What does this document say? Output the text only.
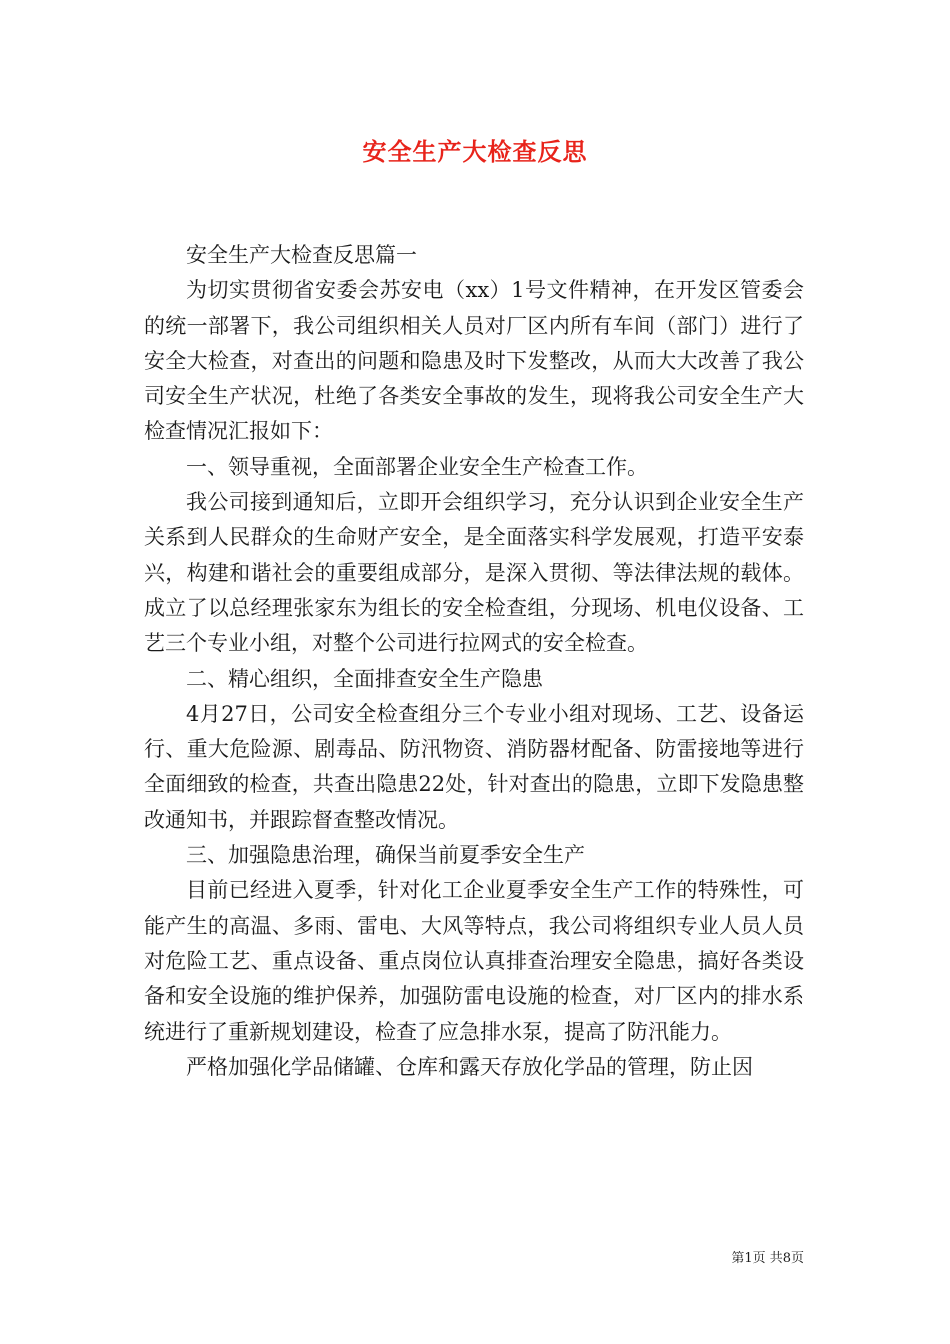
安全生产大检查反思

安全生产大检查反思篇一

为切实贯彻省安委会苏安电（xx）1号文件精神，在开发区管委会的统一部署下，我公司组织相关人员对厂区内所有车间（部门）进行了安全大检查，对查出的问题和隐患及时下发整改，从而大大改善了我公司安全生产状况，杜绝了各类安全事故的发生，现将我公司安全生产大检查情况汇报如下：

一、领导重视，全面部署企业安全生产检查工作。

我公司接到通知后，立即开会组织学习，充分认识到企业安全生产关系到人民群众的生命财产安全，是全面落实科学发展观，打造平安泰兴，构建和谐社会的重要组成部分，是深入贯彻、等法律法规的载体。成立了以总经理张家东为组长的安全检查组，分现场、机电仪设备、工艺三个专业小组，对整个公司进行拉网式的安全检查。

二、精心组织，全面排查安全生产隐患

4月27日，公司安全检查组分三个专业小组对现场、工艺、设备运行、重大危险源、剧毒品、防汛物资、消防器材配备、防雷接地等进行全面细致的检查，共查出隐患22处，针对查出的隐患，立即下发隐患整改通知书，并跟踪督查整改情况。

三、加强隐患治理，确保当前夏季安全生产

目前已经进入夏季，针对化工企业夏季安全生产工作的特殊性，可能产生的高温、多雨、雷电、大风等特点，我公司将组织专业人员人员对危险工艺、重点设备、重点岗位认真排查治理安全隐患，搞好各类设备和安全设施的维护保养，加强防雷电设施的检查，对厂区内的排水系统进行了重新规划建设，检查了应急排水泵，提高了防汛能力。

严格加强化学品储罐、仓库和露天存放化学品的管理，防止因

第1页 共8页
